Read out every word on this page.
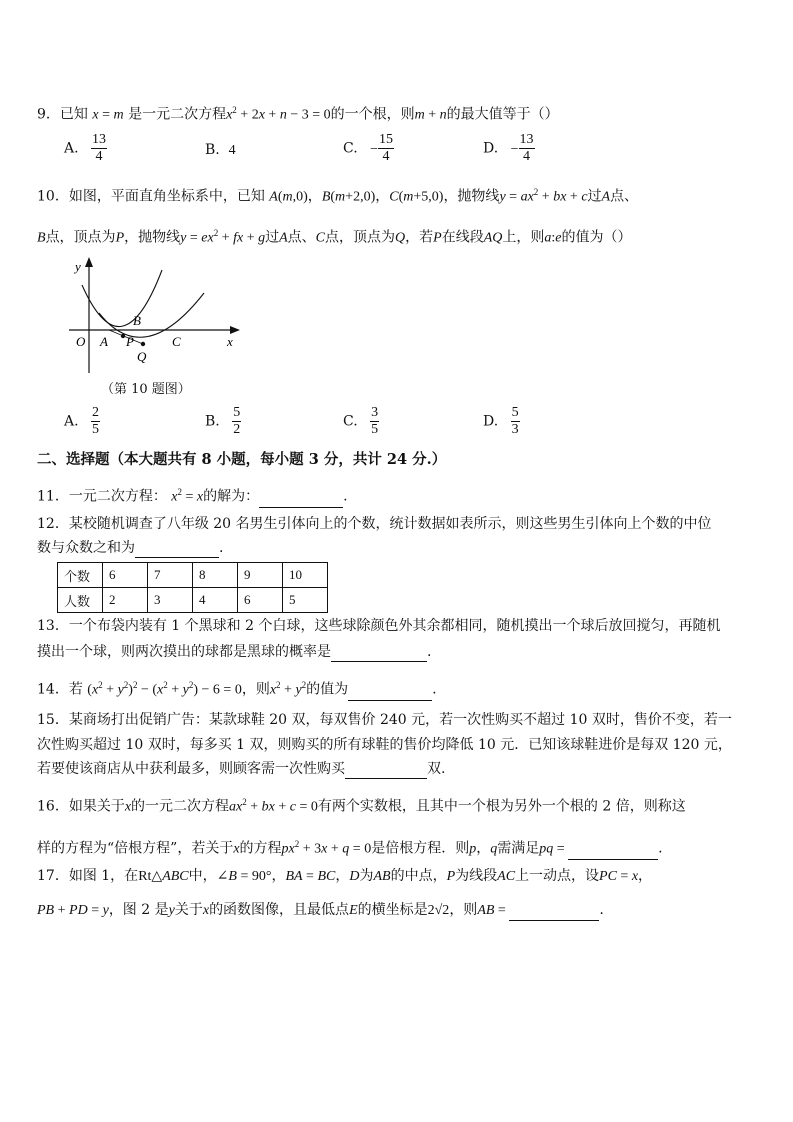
9．已知 x = m 是一元二次方程$x^2 + 2x + n - 3 = 0$的一个根，则m + n的最大值等于（）
A. $\frac{13}{4}$	B. 4	C. − $\frac{15}{4}$	D. − $\frac{13}{4}$
10．如图，平面直角坐标系中，已知 A(m,0)，B(m+2,0)，C(m+5,0)，抛物线$y = ax^2$ + bx + c过A点、
B点，顶点为P，抛物线$y = ex^2$ + fx + g过A点、C点，顶点为Q，若P在线段AQ上，则a:e的值为（）
y
x
O A
B
P
Q
C
（第 10 题图）
A. $\frac{2}{5}$	B. $\frac{5}{2}$	C. $\frac{3}{5}$	D. $\frac{5}{3}$
二、选择题（本大题共有 8 小题，每小题 3 分，共计 24 分.）
11．一元二次方程： $x^2 = x$的解为：	.
12．某校随机调查了八年级 20 名男生引体向上的个数，统计数据如表所示，则这些男生引体向上个数的中位
数与众数之和为	.
个数	6	7	8	9	10
人数	2	3	4	6	5
13．一个布袋内装有 1 个黑球和 2 个白球，这些球除颜色外其余都相同，随机摸出一个球后放回搅匀，再随机
摸出一个球，则两次摸出的球都是黑球的概率是	.
14．若 $(x^2 + y^2)^2 - (x^2 + y^2) - 6 = 0$，则$x^2 + y^2$的值为	.
15．某商场打出促销广告：某款球鞋 20 双，每双售价 240 元，若一次性购买不超过 10 双时，售价不变，若一
次性购买超过 10 双时，每多买 1 双，则购买的所有球鞋的售价均降低 10 元．已知该球鞋进价是每双 120 元，
若要使该商店从中获利最多，则顾客需一次性购买	双.
16．如果关于x的一元二次方程$ax^2$ + bx + c = 0有两个实数根，且其中一个根为另外一个根的 2 倍，则称这
样的方程为“倍根方程”，若关于x的方程$px^2 + 3x + q = 0$是倍根方程．则p，q需满足pq =	.
17．如图 1，在Rt△ABC中，∠B = 90°，BA = BC，D为AB的中点，P为线段AC上一动点，设PC = x，
PB + PD = y，图 2 是y关于x的函数图像，且最低点E的横坐标是2√2，则AB =	.
